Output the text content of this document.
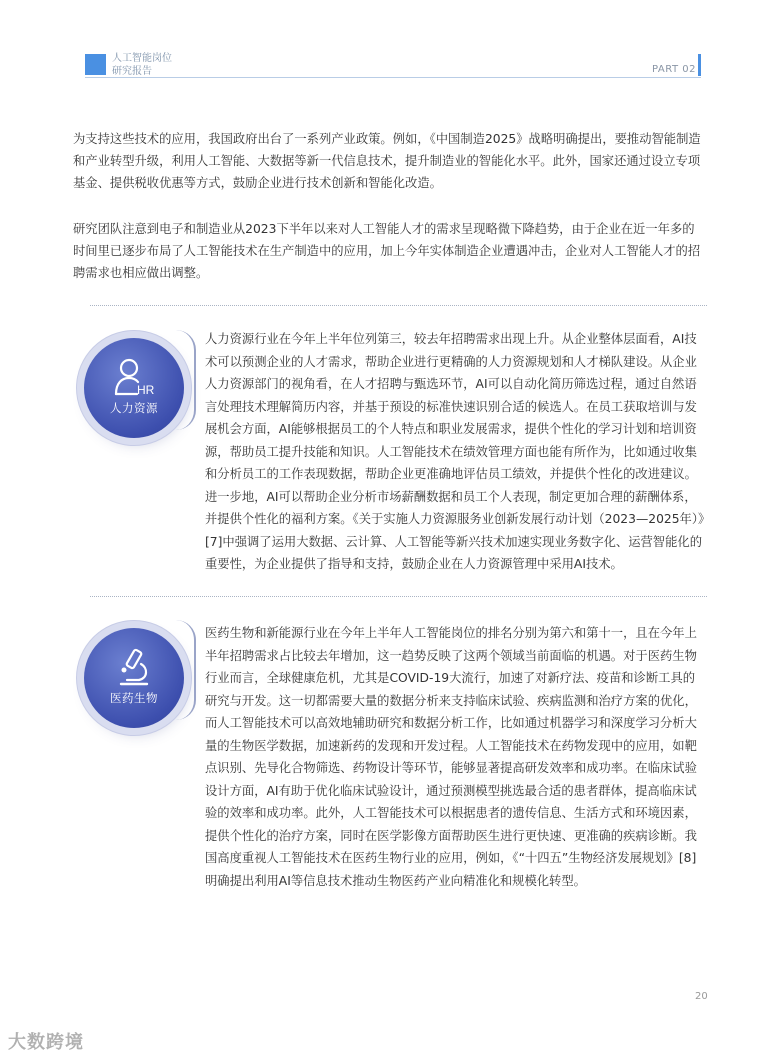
人工智能岗位
研究报告	PART 02

为支持这些技术的应用，我国政府出台了一系列产业政策。例如，《中国制造2025》战略明确提出，要推动智能制造和产业转型升级，利用人工智能、大数据等新一代信息技术，提升制造业的智能化水平。此外，国家还通过设立专项基金、提供税收优惠等方式，鼓励企业进行技术创新和智能化改造。

研究团队注意到电子和制造业从2023下半年以来对人工智能人才的需求呈现略微下降趋势，由于企业在近一年多的时间里已逐步布局了人工智能技术在生产制造中的应用，加上今年实体制造企业遭遇冲击，企业对人工智能人才的招聘需求也相应做出调整。

HR
人力资源

人力资源行业在今年上半年位列第三，较去年招聘需求出现上升。从企业整体层面看，AI技术可以预测企业的人才需求，帮助企业进行更精确的人力资源规划和人才梯队建设。从企业人力资源部门的视角看，在人才招聘与甄选环节，AI可以自动化简历筛选过程，通过自然语言处理技术理解简历内容，并基于预设的标准快速识别合适的候选人。在员工获取培训与发展机会方面，AI能够根据员工的个人特点和职业发展需求，提供个性化的学习计划和培训资源，帮助员工提升技能和知识。人工智能技术在绩效管理方面也能有所作为，比如通过收集和分析员工的工作表现数据，帮助企业更准确地评估员工绩效，并提供个性化的改进建议。进一步地，AI可以帮助企业分析市场薪酬数据和员工个人表现，制定更加合理的薪酬体系，并提供个性化的福利方案。《关于实施人力资源服务业创新发展行动计划（2023—2025年）》[7]中强调了运用大数据、云计算、人工智能等新兴技术加速实现业务数字化、运营智能化的重要性，为企业提供了指导和支持，鼓励企业在人力资源管理中采用AI技术。

医药生物

医药生物和新能源行业在今年上半年人工智能岗位的排名分别为第六和第十一，且在今年上半年招聘需求占比较去年增加，这一趋势反映了这两个领域当前面临的机遇。对于医药生物行业而言，全球健康危机，尤其是COVID-19大流行，加速了对新疗法、疫苗和诊断工具的研究与开发。这一切都需要大量的数据分析来支持临床试验、疾病监测和治疗方案的优化，而人工智能技术可以高效地辅助研究和数据分析工作，比如通过机器学习和深度学习分析大量的生物医学数据，加速新药的发现和开发过程。人工智能技术在药物发现中的应用，如靶点识别、先导化合物筛选、药物设计等环节，能够显著提高研发效率和成功率。在临床试验设计方面，AI有助于优化临床试验设计，通过预测模型挑选最合适的患者群体，提高临床试验的效率和成功率。此外，人工智能技术可以根据患者的遗传信息、生活方式和环境因素，提供个性化的治疗方案，同时在医学影像方面帮助医生进行更快速、更准确的疾病诊断。我国高度重视人工智能技术在医药生物行业的应用，例如，《“十四五”生物经济发展规划》[8]明确提出利用AI等信息技术推动生物医药产业向精准化和规模化转型。

20
大数跨境
